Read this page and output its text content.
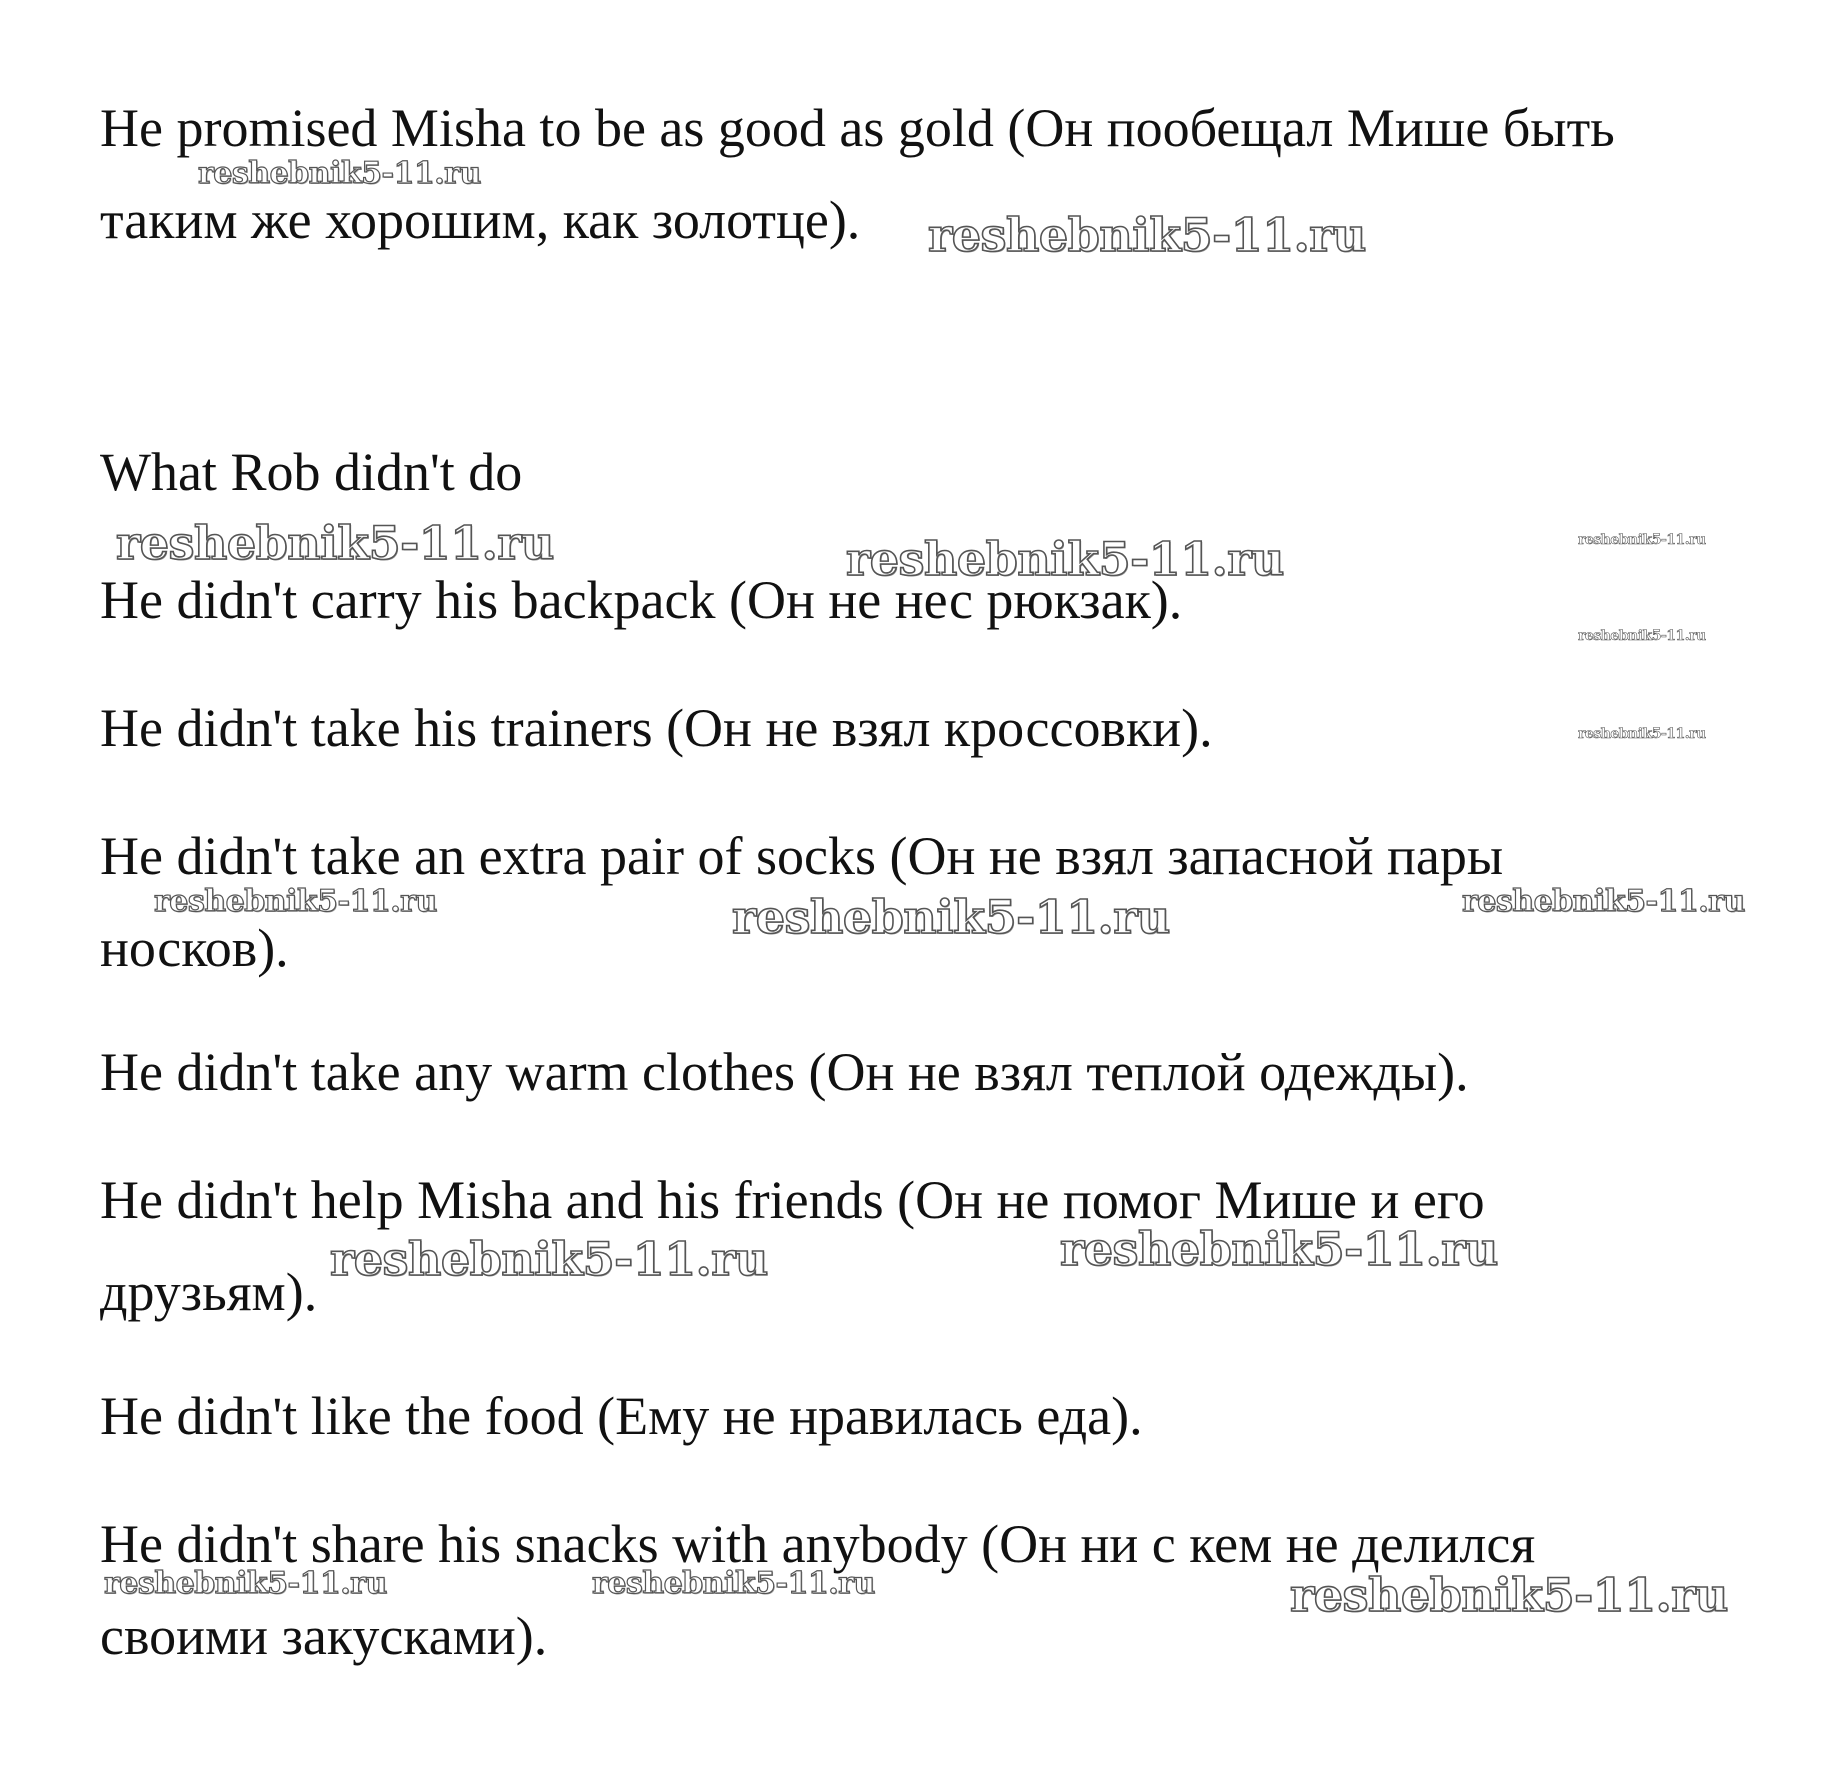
He promised Misha to be as good as gold (Он пообещал Мише быть
таким же хорошим, как золотце).
What Rob didn't do
He didn't carry his backpack (Он не нес рюкзак).
He didn't take his trainers (Он не взял кроссовки).
He didn't take an extra pair of socks (Он не взял запасной пары
носков).
He didn't take any warm clothes (Он не взял теплой одежды).
He didn't help Misha and his friends (Он не помог Мише и его
друзьям).
He didn't like the food (Ему не нравилась еда).
He didn't share his snacks with anybody (Он ни с кем не делился
своими закусками).
reshebnik5-11.ru
reshebnik5-11.ru
reshebnik5-11.ru	reshebnik5-11.ru	reshebnik5-11.ru
reshebnik5-11.ru
reshebnik5-11.ru
reshebnik5-11.ru	reshebnik5-11.ru	reshebnik5-11.ru
reshebnik5-11.ru	reshebnik5-11.ru
reshebnik5-11.ru	reshebnik5-11.ru	reshebnik5-11.ru
